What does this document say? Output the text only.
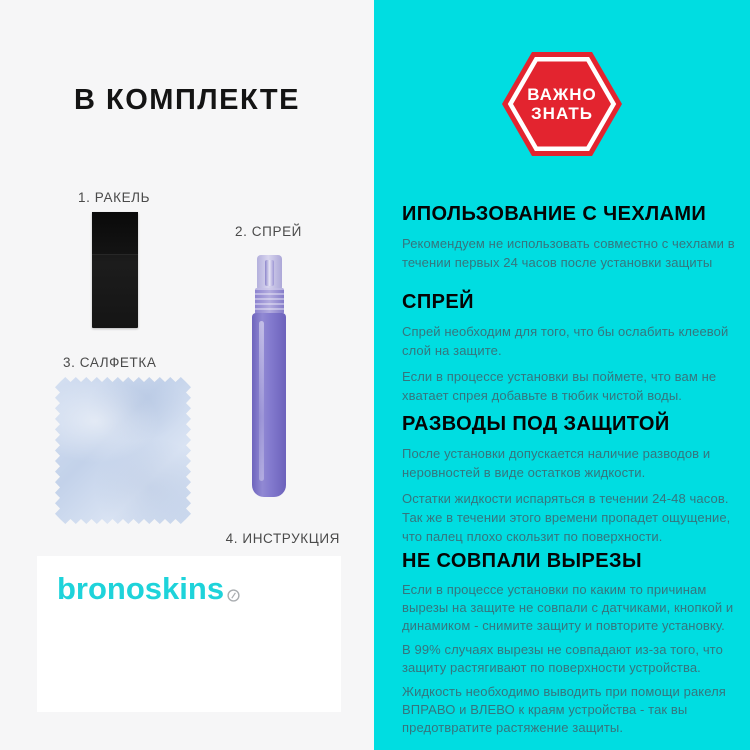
В КОМПЛЕКТЕ
1. РАКЕЛЬ
2. СПРЕЙ
3. САЛФЕТКА
4. ИНСТРУКЦИЯ
bronoskins
ВАЖНО
ЗНАТЬ
ИПОЛЬЗОВАНИЕ С ЧЕХЛАМИ

Рекомендуем не использовать совместно с чехлами в течении первых 24 часов после установки защиты

СПРЕЙ

Спрей необходим для того, что бы ослабить клеевой слой на защите.

Если в процессе установки вы поймете, что вам не хватает спрея добавьте в тюбик чистой воды.

РАЗВОДЫ ПОД ЗАЩИТОЙ

После установки допускается наличие разводов и неровностей в виде остатков жидкости.

Остатки жидкости испаряться в течении 24-48 часов. Так же в течении этого времени пропадет ощущение, что палец плохо скользит по поверхности.

НЕ СОВПАЛИ ВЫРЕЗЫ

Если в процессе установки по каким то причинам вырезы на защите не совпали с датчиками, кнопкой и динамиком - снимите защиту и повторите установку.

В 99% случаях вырезы не совпадают из-за того, что защиту растягивают по поверхности устройства.

Жидкость необходимо выводить при помощи ракеля ВПРАВО и ВЛЕВО к краям устройства - так вы предотвратите растяжение защиты.
